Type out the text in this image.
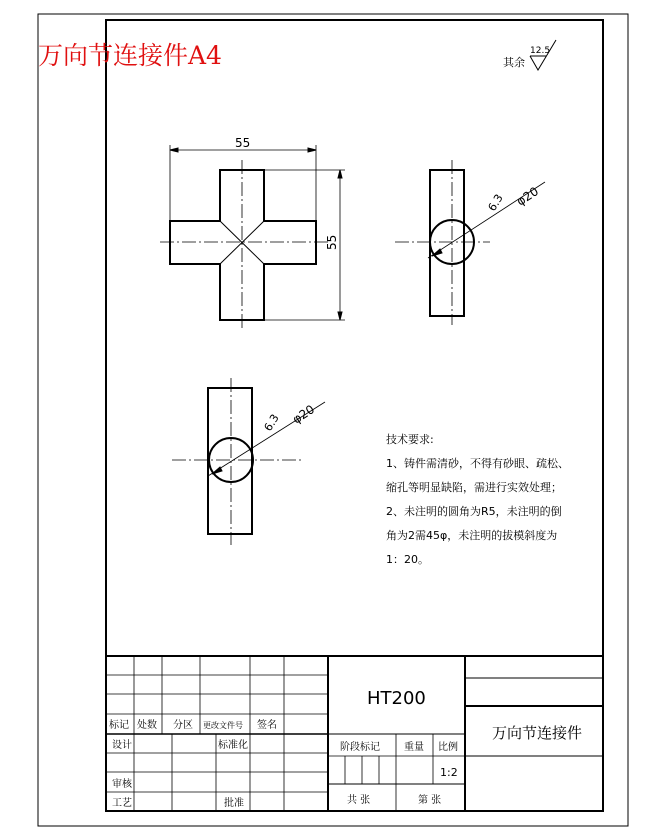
万向节连接件A4	其余
12.5
55
55
6.3 φ20
6.3 φ20
技术要求:
1、铸件需清砂，不得有砂眼、疏松、
缩孔等明显缺陷，需进行实效处理；
2、未注明的圆角为R5，未注明的倒
角为2需45φ，未注明的拔模斜度为
1：20。
HT200
万向节连接件
1:2
标记 处数 分区 更改文件号 签名
设计	标准化
审核
工艺	批准
阶段标记 重量 比例
共 张	第 张
